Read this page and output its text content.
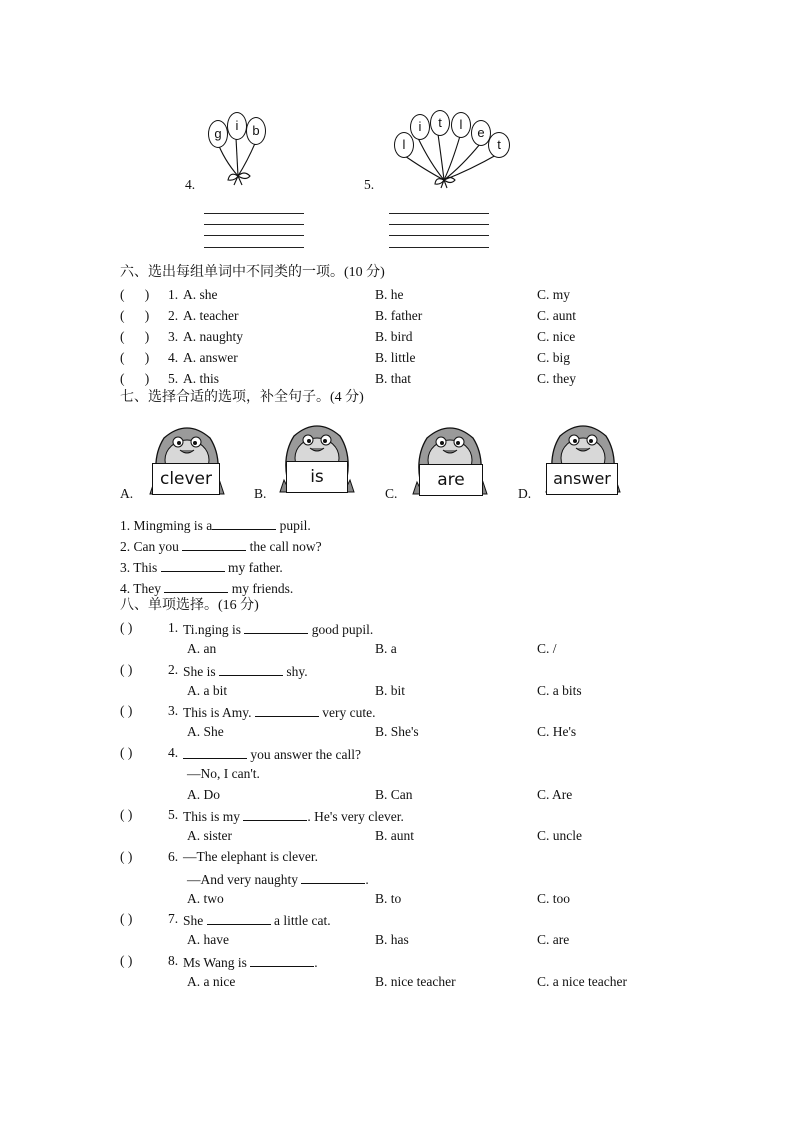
g
i	b
4.
l
i	t	l
e
t
5.
六、选出每组单词中不同类的一项。(10 分)
(      ) 1. A. she	B. he	C. my
(      ) 2. A. teacher	B. father	C. aunt
(      ) 3. A. naughty	B. bird	C. nice
(      ) 4. A. answer	B. little	C. big
(      ) 5. A. this	B. that	C. they
七、选择合适的选项，补全句子。(4 分)
A.
clever
B.
is
C.
are
D.
answer
1. Mingming is a	pupil.
2. Can you	the call now?
3. This	my father.
4. They	my friends.
八、单项选择。(16 分)
( )	1. Ti.nging is	good pupil.
A. an	B. a	C. /
( )	2. She is	shy.
A. a bit	B. bit	C. a bits
( )	3. This is Amy.	very cute.
A. She	B. She's	C. He's
( )	4.	you answer the call?
—No, I can't.
A. Do	B. Can	C. Are
( )	5. This is my	. He's very clever.
A. sister	B. aunt	C. uncle
( )	6. —The elephant is clever.
—And very naughty	.
A. two	B. to	C. too
( )	7. She	a little cat.
A. have	B. has	C. are
( )	8. Ms Wang is	.
A. a nice	B. nice teacher	C. a nice teacher
